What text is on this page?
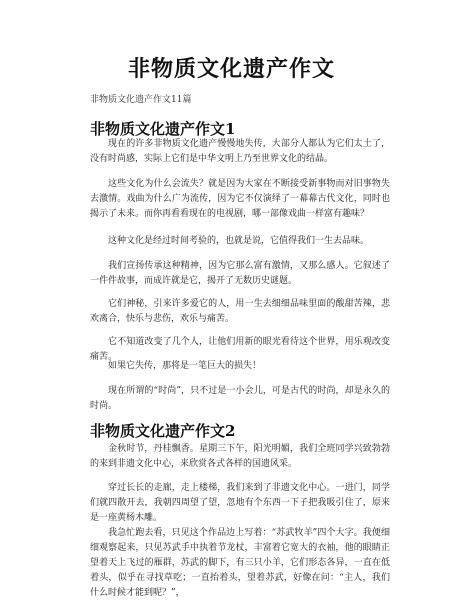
非物质文化遗产作文
非物质文化遗产作文11篇
非物质文化遗产作文1

现在的许多非物质文化遗产慢慢地失传，大部分人都认为它们太土了，没有时尚感，实际上它们是中华文明上乃至世界文化的结晶。

这些文化为什么会流失？就是因为大家在不断接受新事物而对旧事物失去激情。戏曲为什么广为流传，因为它不仅演绎了一幕幕古代文化，同时也揭示了未来。而你再看看现在的电视剧，哪一部像戏曲一样富有趣味？

这种文化是经过时间考验的，也就是说，它值得我们一生去品味。

我们宣扬传承这种精神，因为它那么富有激情，又那么感人。它叙述了一件件故事，而成许就是它，揭开了无数历史谜题。

它们神秘，引来许多爱它的人，用一生去细细品味里面的酸甜苦辣，悲欢离合，快乐与悲伤，欢乐与痛苦。

它不知道改变了几个人，让他们用新的眼光看待这个世界，用乐观改变痛苦。

如果它失传，那将是一笔巨大的损失！

现在所谓的“时尚”，只不过是一小会儿，可是古代的时尚，却是永久的时尚。

非物质文化遗产作文2

金秋时节，丹桂飘香。星期三下午，阳光明媚，我们全班同学兴致勃勃的来到非遗文化中心，来欣赏各式各样的国遗风采。

穿过长长的走廊，走上楼梯，我们来到了非遗文化中心。一进门，同学们就四散开去，我朝四周望了望，忽地有个东西一下子把我吸引住了，原来是一座黄杨木雕。

我急忙跑去看，只见这个作品边上写着：“苏武牧羊”四个大字。我便细细观察起来，只见苏武手中执着节龙杖，丰富着它宽大的衣袖，他的眼睛正望着天上飞过的雁群，苏武的脚下，有三只小羊，它们形态各异，一直在低着头，似乎在寻找草吃；一直抬着头，望着苏武，好像在问：“主人，我们什么时候才能到呢？”，
